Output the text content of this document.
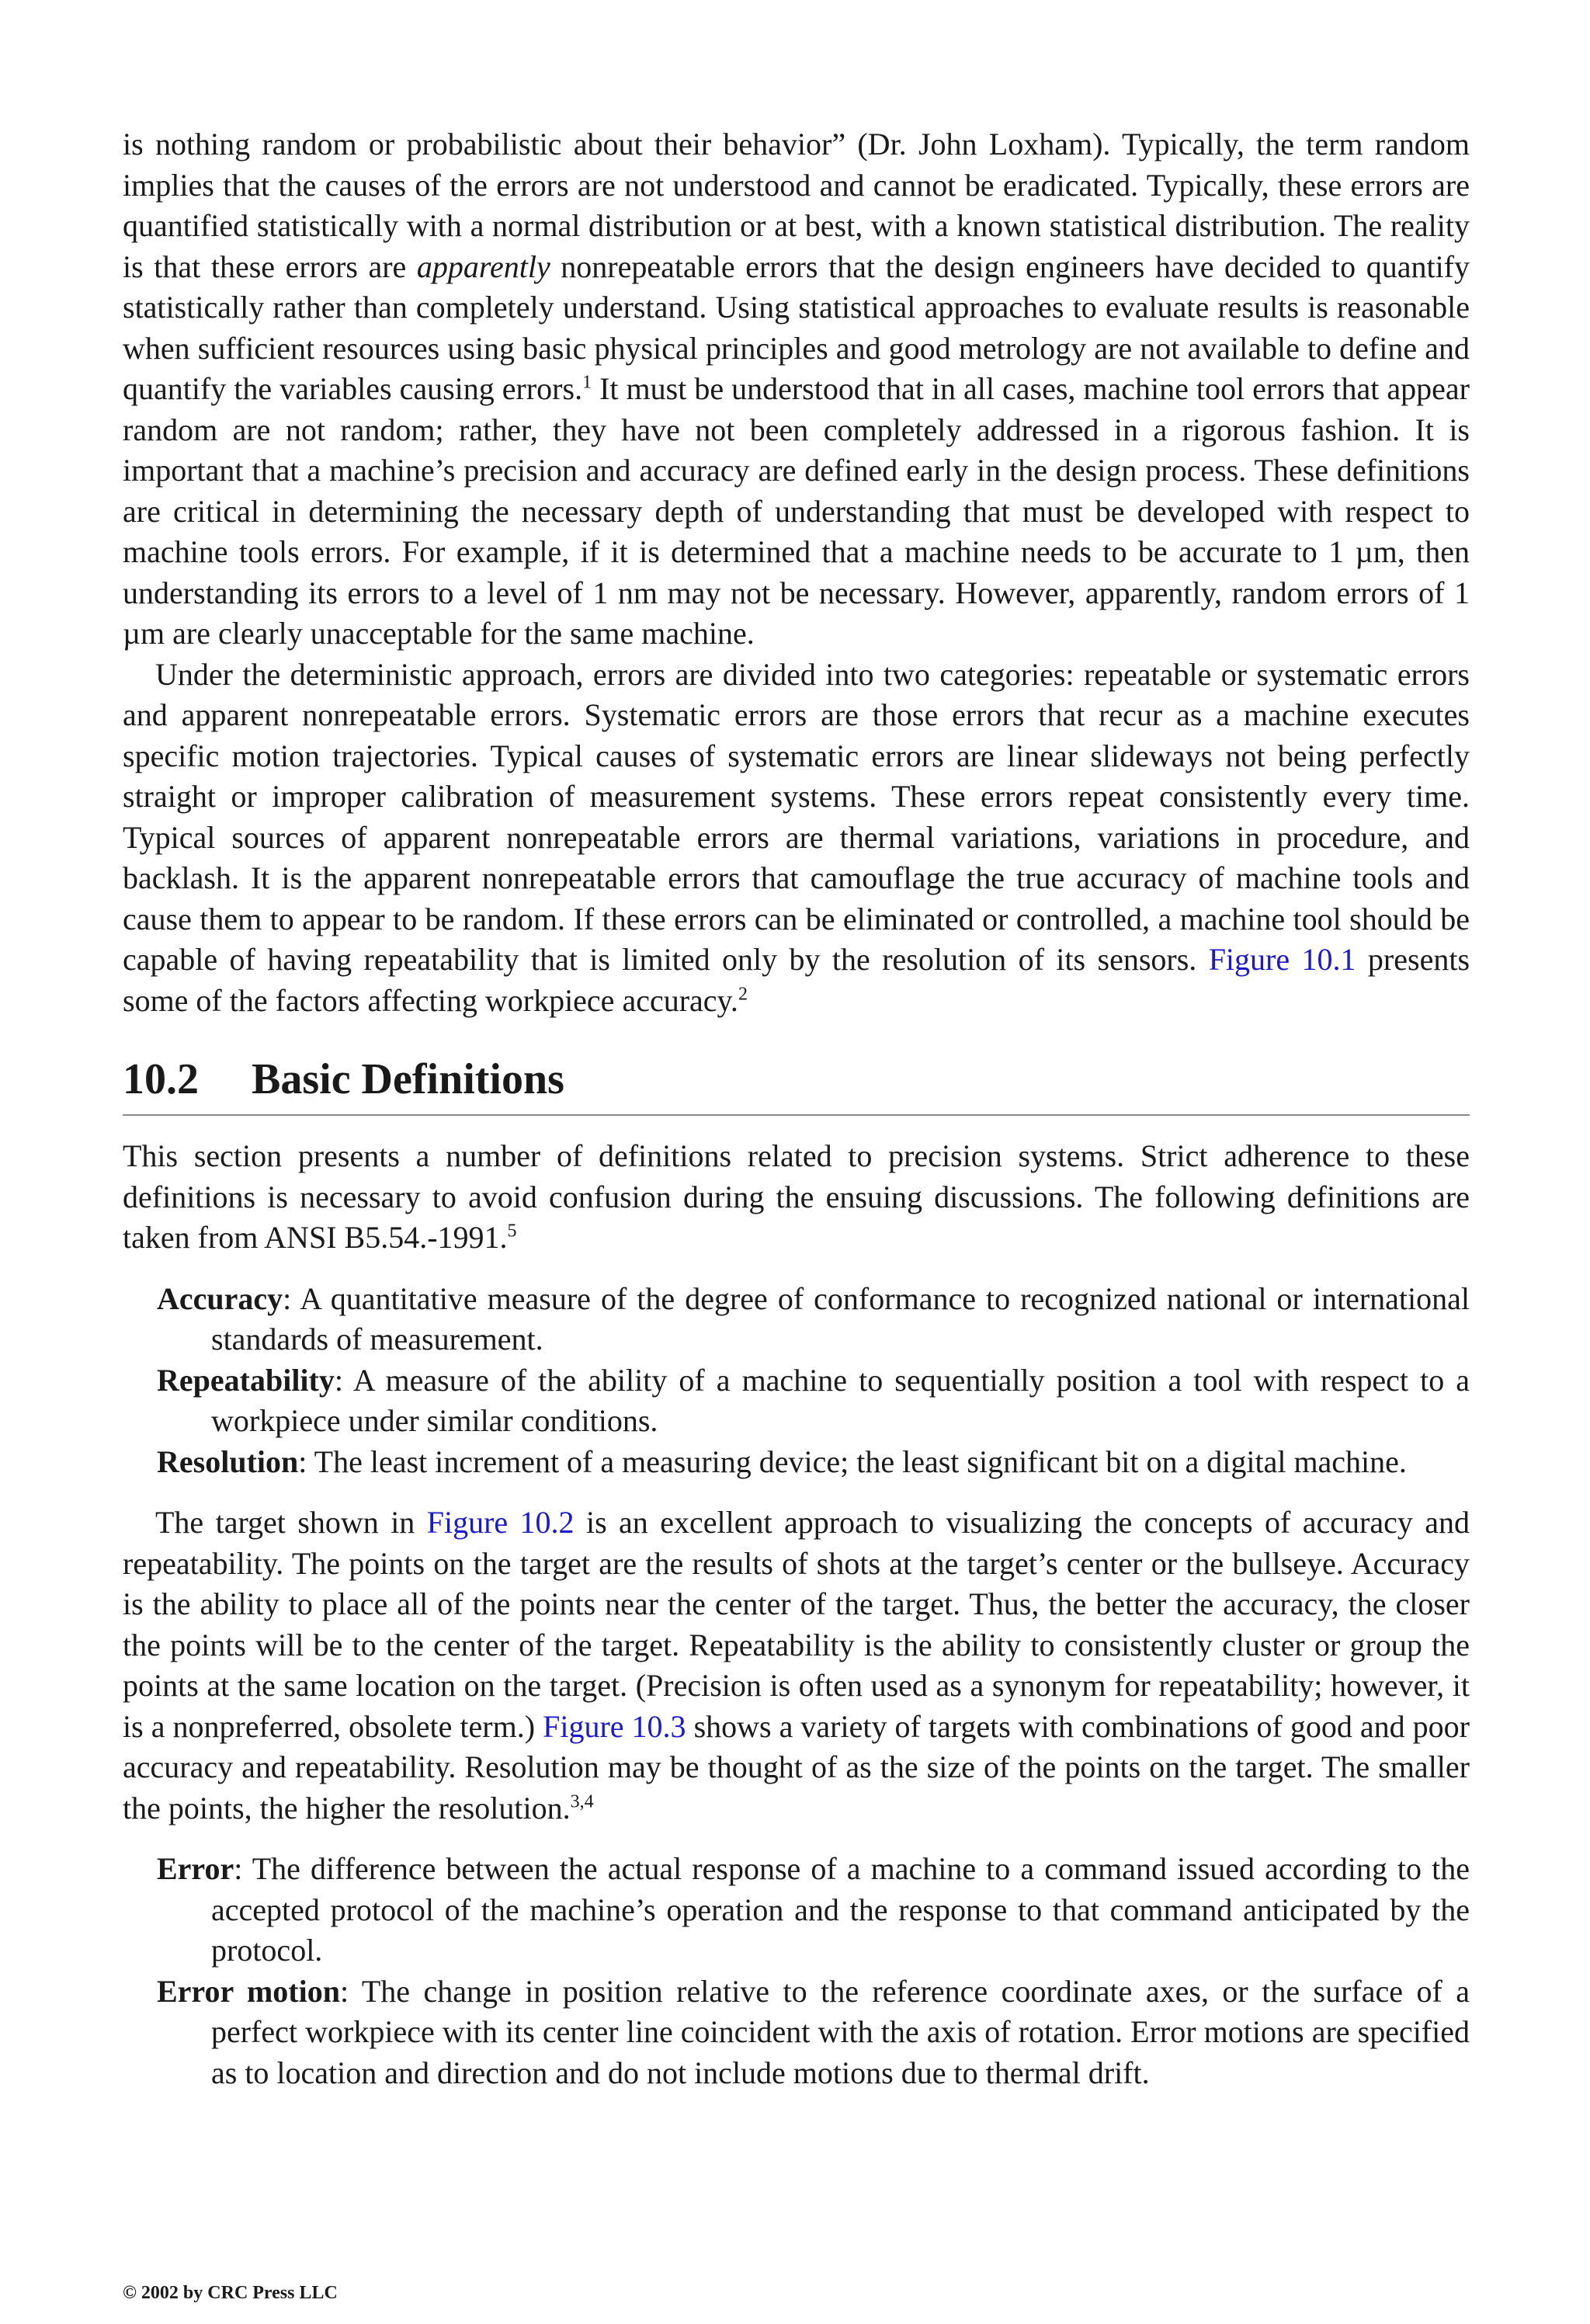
is nothing random or probabilistic about their behavior” (Dr. John Loxham). Typically, the term random implies that the causes of the errors are not understood and cannot be eradicated. Typically, these errors are quantified statistically with a normal distribution or at best, with a known statistical distribution. The reality is that these errors are apparently nonrepeatable errors that the design engineers have decided to quantify statistically rather than completely understand. Using statistical approaches to evaluate results is reasonable when sufficient resources using basic physical principles and good metrology are not available to define and quantify the variables causing errors.$^1$ It must be understood that in all cases, machine tool errors that appear random are not random; rather, they have not been completely addressed in a rigorous fashion. It is important that a machine’s precision and accuracy are defined early in the design process. These definitions are critical in determining the necessary depth of understanding that must be developed with respect to machine tools errors. For example, if it is determined that a machine needs to be accurate to 1 µm, then understanding its errors to a level of 1 nm may not be necessary. However, apparently, random errors of 1 µm are clearly unacceptable for the same machine.

Under the deterministic approach, errors are divided into two categories: repeatable or systematic errors and apparent nonrepeatable errors. Systematic errors are those errors that recur as a machine executes specific motion trajectories. Typical causes of systematic errors are linear slideways not being perfectly straight or improper calibration of measurement systems. These errors repeat consistently every time. Typical sources of apparent nonrepeatable errors are thermal variations, variations in procedure, and backlash. It is the apparent nonrepeatable errors that camouflage the true accuracy of machine tools and cause them to appear to be random. If these errors can be eliminated or controlled, a machine tool should be capable of having repeatability that is limited only by the resolution of its sensors. Figure 10.1 presents some of the factors affecting workpiece accuracy.$^2$

10.2 Basic Definitions

This section presents a number of definitions related to precision systems. Strict adherence to these definitions is necessary to avoid confusion during the ensuing discussions. The following definitions are taken from ANSI B5.54.-1991.$^5$

Accuracy: A quantitative measure of the degree of conformance to recognized national or international standards of measurement.
Repeatability: A measure of the ability of a machine to sequentially position a tool with respect to a workpiece under similar conditions.
Resolution: The least increment of a measuring device; the least significant bit on a digital machine.

The target shown in Figure 10.2 is an excellent approach to visualizing the concepts of accuracy and repeatability. The points on the target are the results of shots at the target’s center or the bullseye. Accuracy is the ability to place all of the points near the center of the target. Thus, the better the accuracy, the closer the points will be to the center of the target. Repeatability is the ability to consistently cluster or group the points at the same location on the target. (Precision is often used as a synonym for repeatability; however, it is a nonpreferred, obsolete term.) Figure 10.3 shows a variety of targets with combinations of good and poor accuracy and repeatability. Resolution may be thought of as the size of the points on the target. The smaller the points, the higher the resolution.$^{3,4}$

Error: The difference between the actual response of a machine to a command issued according to the accepted protocol of the machine’s operation and the response to that command anticipated by the protocol.
Error motion: The change in position relative to the reference coordinate axes, or the surface of a perfect workpiece with its center line coincident with the axis of rotation. Error motions are specified as to location and direction and do not include motions due to thermal drift.
© 2002 by CRC Press LLC
